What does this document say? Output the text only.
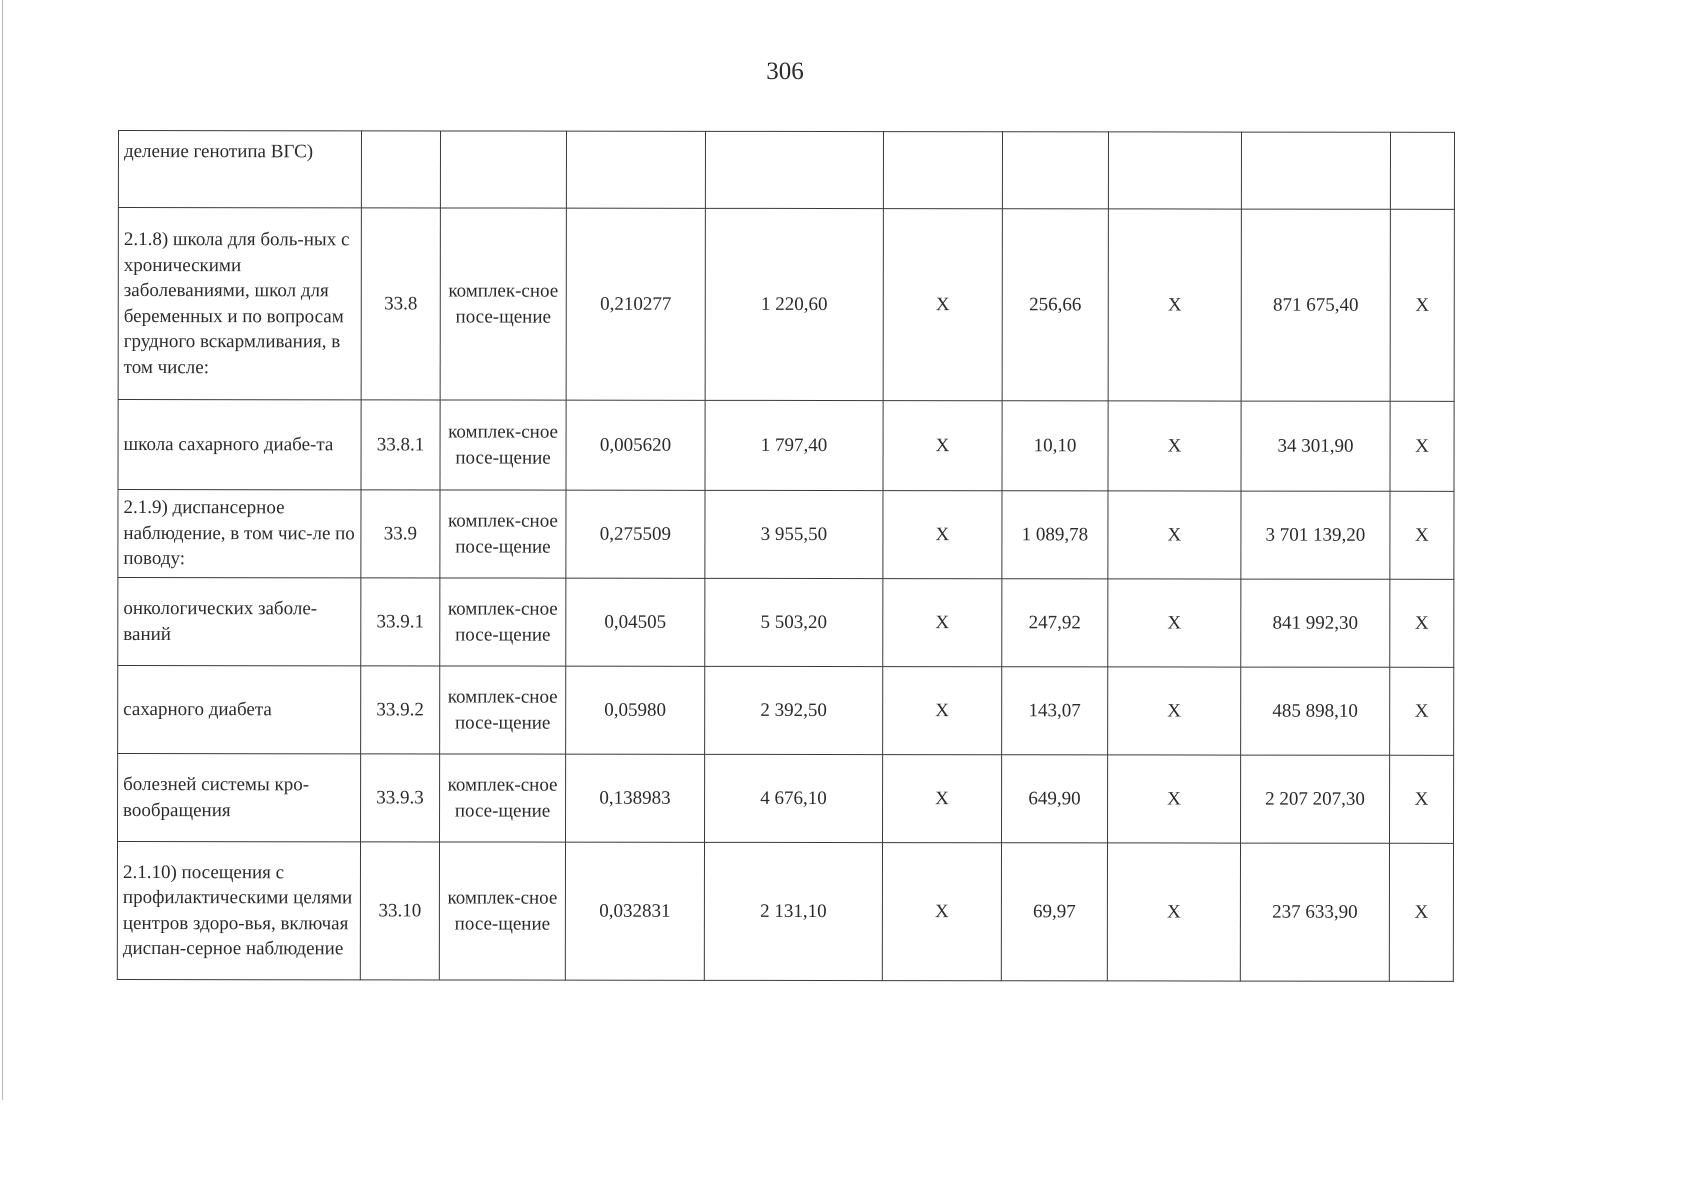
306
деление генотипа ВГС)									
2.1.8) школа для боль-ных с хроническими заболеваниями, школ для беременных и по вопросам грудного вскармливания, в том числе:	33.8	комплек-сное посе-щение	0,210277	1 220,60	X	256,66	X	871 675,40	X
школа сахарного диабе-та	33.8.1	комплек-сное посе-щение	0,005620	1 797,40	X	10,10	X	34 301,90	X
2.1.9) диспансерное наблюдение, в том чис-ле по поводу:	33.9	комплек-сное посе-щение	0,275509	3 955,50	X	1 089,78	X	3 701 139,20	X
онкологических заболе-ваний	33.9.1	комплек-сное посе-щение	0,04505	5 503,20	X	247,92	X	841 992,30	X
сахарного диабета	33.9.2	комплек-сное посе-щение	0,05980	2 392,50	X	143,07	X	485 898,10	X
болезней системы кро-вообращения	33.9.3	комплек-сное посе-щение	0,138983	4 676,10	X	649,90	X	2 207 207,30	X
2.1.10) посещения с профилактическими целями центров здоро-вья, включая диспан-серное наблюдение	33.10	комплек-сное посе-щение	0,032831	2 131,10	X	69,97	X	237 633,90	X
